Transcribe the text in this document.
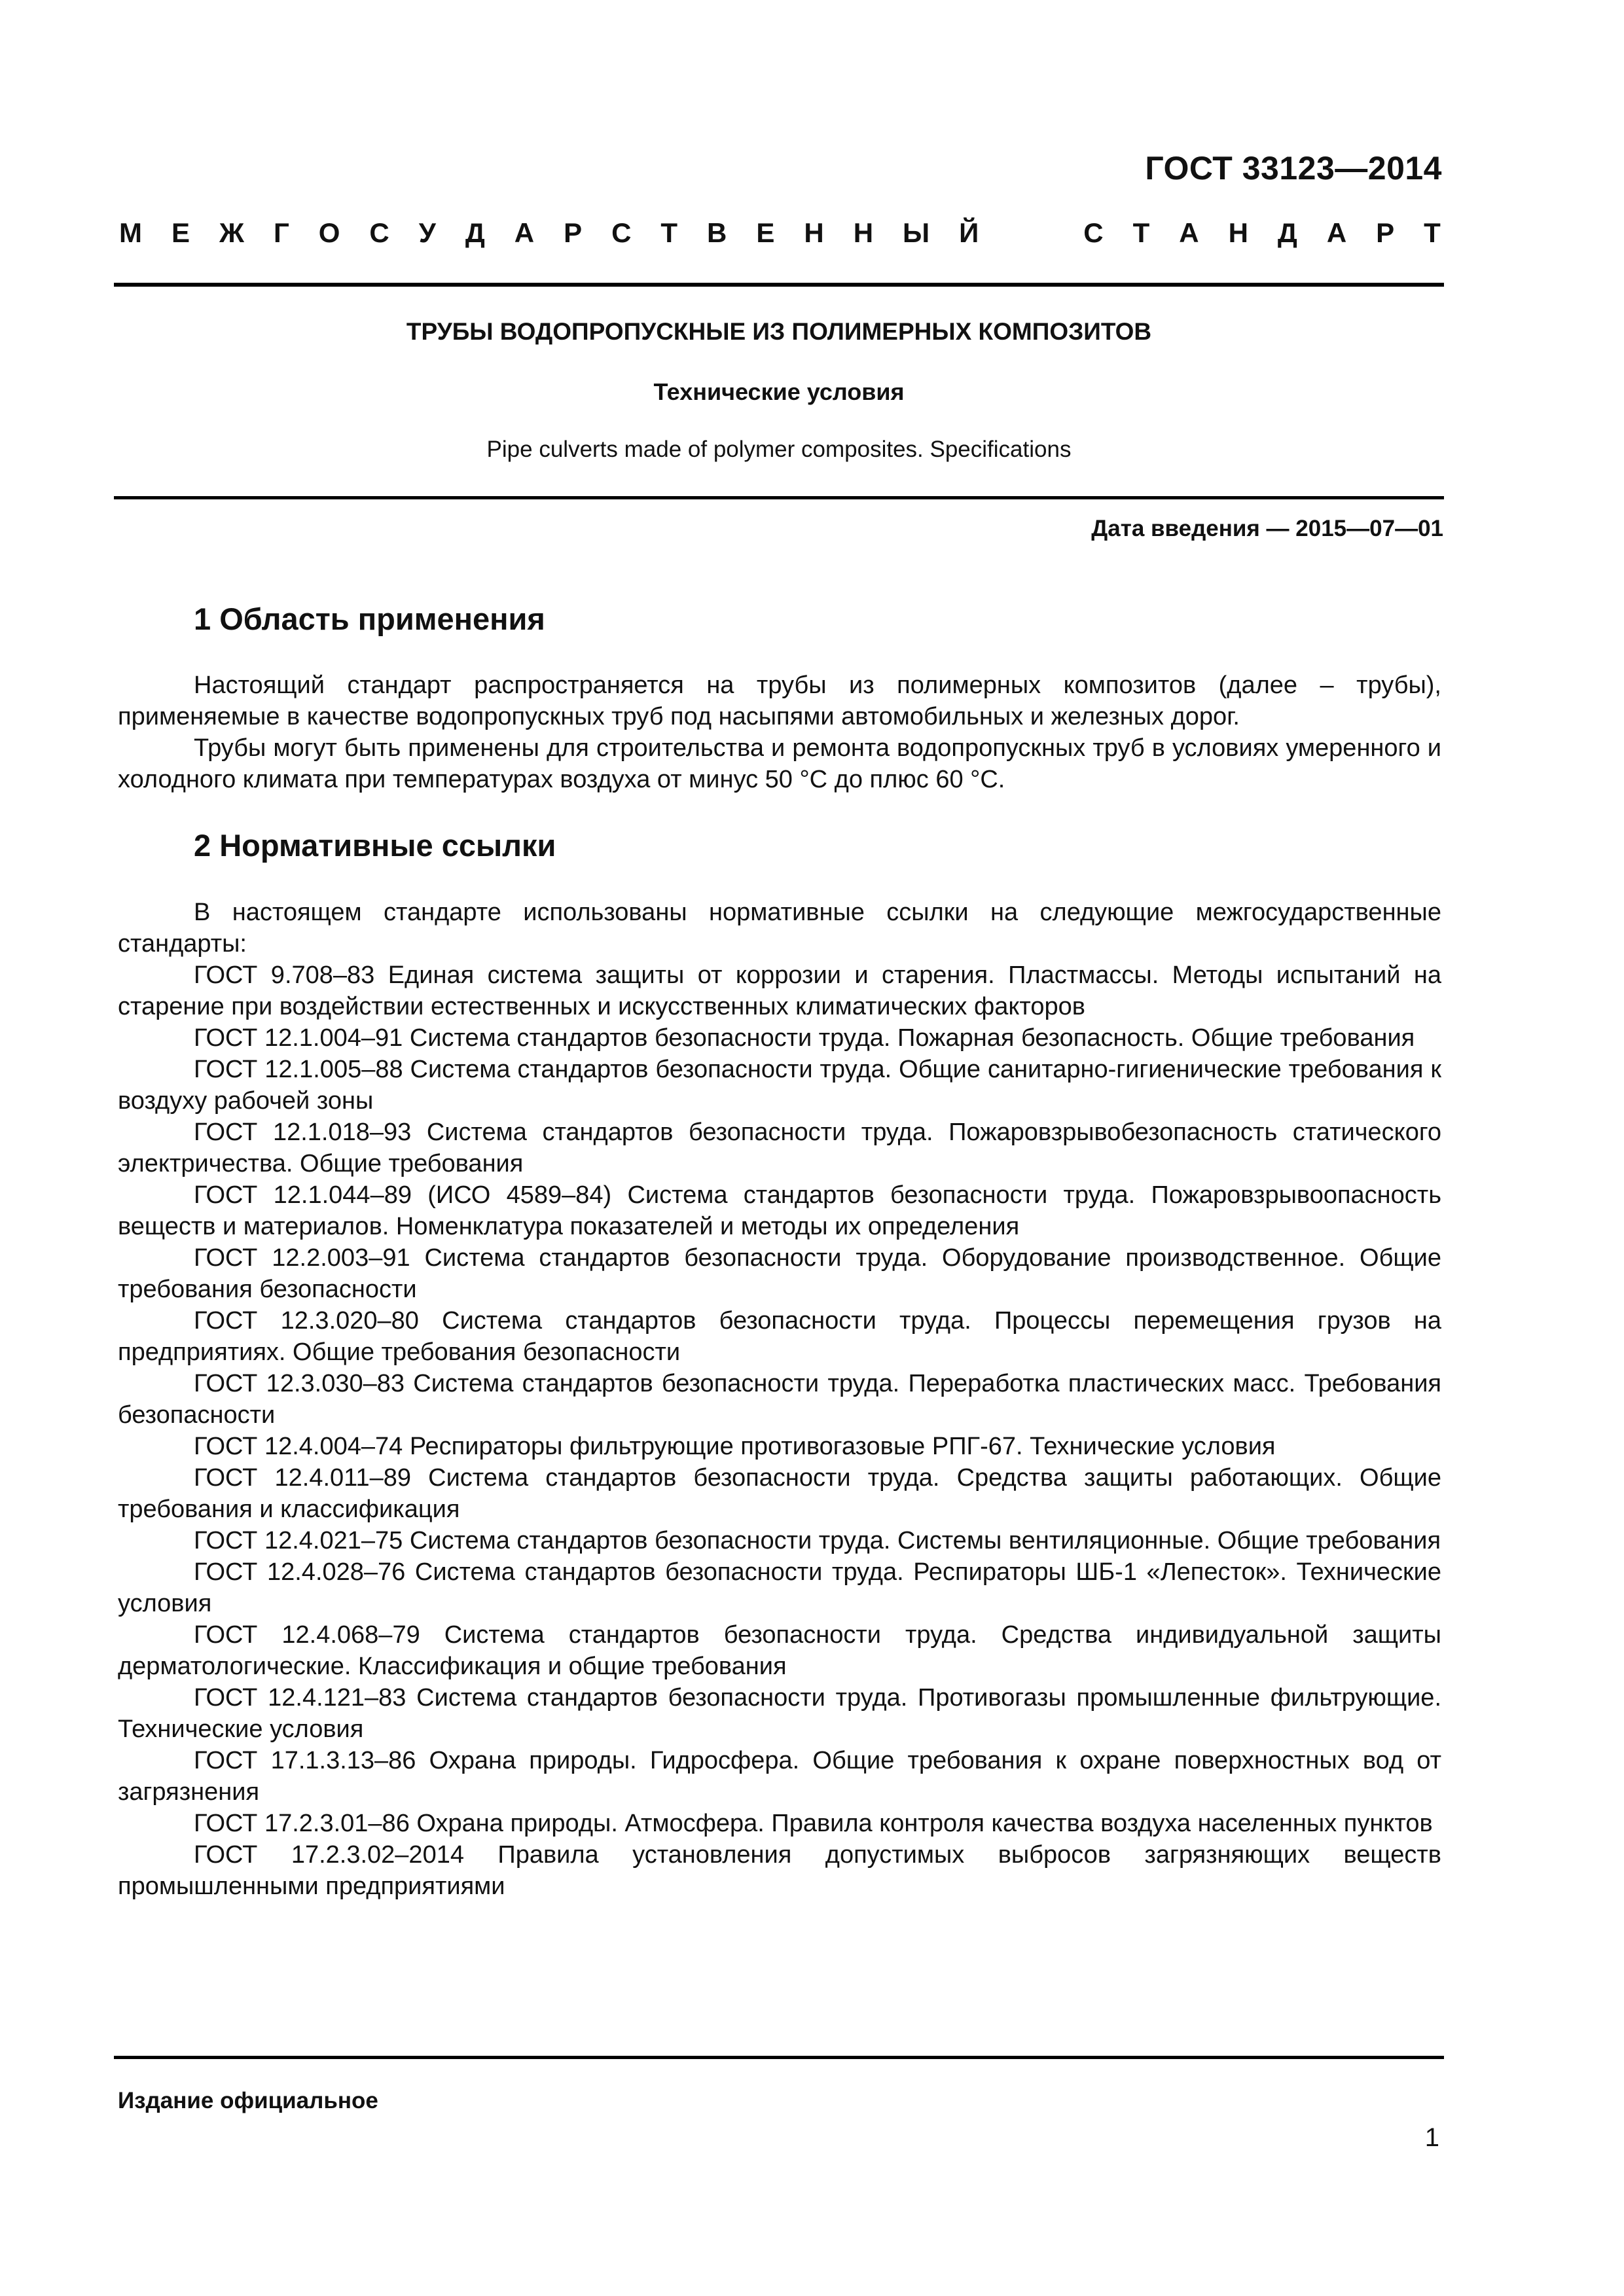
ГОСТ 33123—2014
М Е Ж Г О С У Д А Р С Т В Е Н Н Ы Й	С Т А Н Д А Р Т
ТРУБЫ ВОДОПРОПУСКНЫЕ ИЗ ПОЛИМЕРНЫХ КОМПОЗИТОВ
Технические условия
Pipe culverts made of polymer composites. Specifications
Дата введения — 2015—07—01
1 Область применения

Настоящий стандарт распространяется на трубы из полимерных композитов (далее – трубы), применяемые в качестве водопропускных труб под насыпями автомобильных и железных дорог.

Трубы могут быть применены для строительства и ремонта водопропускных труб в условиях умеренного и холодного климата при температурах воздуха от минус 50 °С до плюс 60 °С.

2 Нормативные ссылки

В настоящем стандарте использованы нормативные ссылки на следующие межгосударственные стандарты:

ГОСТ 9.708–83 Единая система защиты от коррозии и старения. Пластмассы. Методы испытаний на старение при воздействии естественных и искусственных климатических факторов

ГОСТ 12.1.004–91 Система стандартов безопасности труда. Пожарная безопасность. Общие требования

ГОСТ 12.1.005–88 Система стандартов безопасности труда. Общие санитарно-гигиенические требования к воздуху рабочей зоны

ГОСТ 12.1.018–93 Система стандартов безопасности труда. Пожаровзрывобезопасность статического электричества. Общие требования

ГОСТ 12.1.044–89 (ИСО 4589–84) Система стандартов безопасности труда. Пожаровзрывоопасность веществ и материалов. Номенклатура показателей и методы их определения

ГОСТ 12.2.003–91 Система стандартов безопасности труда. Оборудование производственное. Общие требования безопасности

ГОСТ 12.3.020–80 Система стандартов безопасности труда. Процессы перемещения грузов на предприятиях. Общие требования безопасности

ГОСТ 12.3.030–83 Система стандартов безопасности труда. Переработка пластических масс. Требования безопасности

ГОСТ 12.4.004–74 Респираторы фильтрующие противогазовые РПГ-67. Технические условия

ГОСТ 12.4.011–89 Система стандартов безопасности труда. Средства защиты работающих. Общие требования и классификация

ГОСТ 12.4.021–75 Система стандартов безопасности труда. Системы вентиляционные. Общие требования

ГОСТ 12.4.028–76 Система стандартов безопасности труда. Респираторы ШБ-1 «Лепесток». Технические условия

ГОСТ 12.4.068–79 Система стандартов безопасности труда. Средства индивидуальной защиты дерматологические. Классификация и общие требования

ГОСТ 12.4.121–83 Система стандартов безопасности труда. Противогазы промышленные фильтрующие. Технические условия

ГОСТ 17.1.3.13–86 Охрана природы. Гидросфера. Общие требования к охране поверхностных вод от загрязнения

ГОСТ 17.2.3.01–86 Охрана природы. Атмосфера. Правила контроля качества воздуха населенных пунктов

ГОСТ 17.2.3.02–2014 Правила установления допустимых выбросов загрязняющих веществ промышленными предприятиями

Издание официальное
1
